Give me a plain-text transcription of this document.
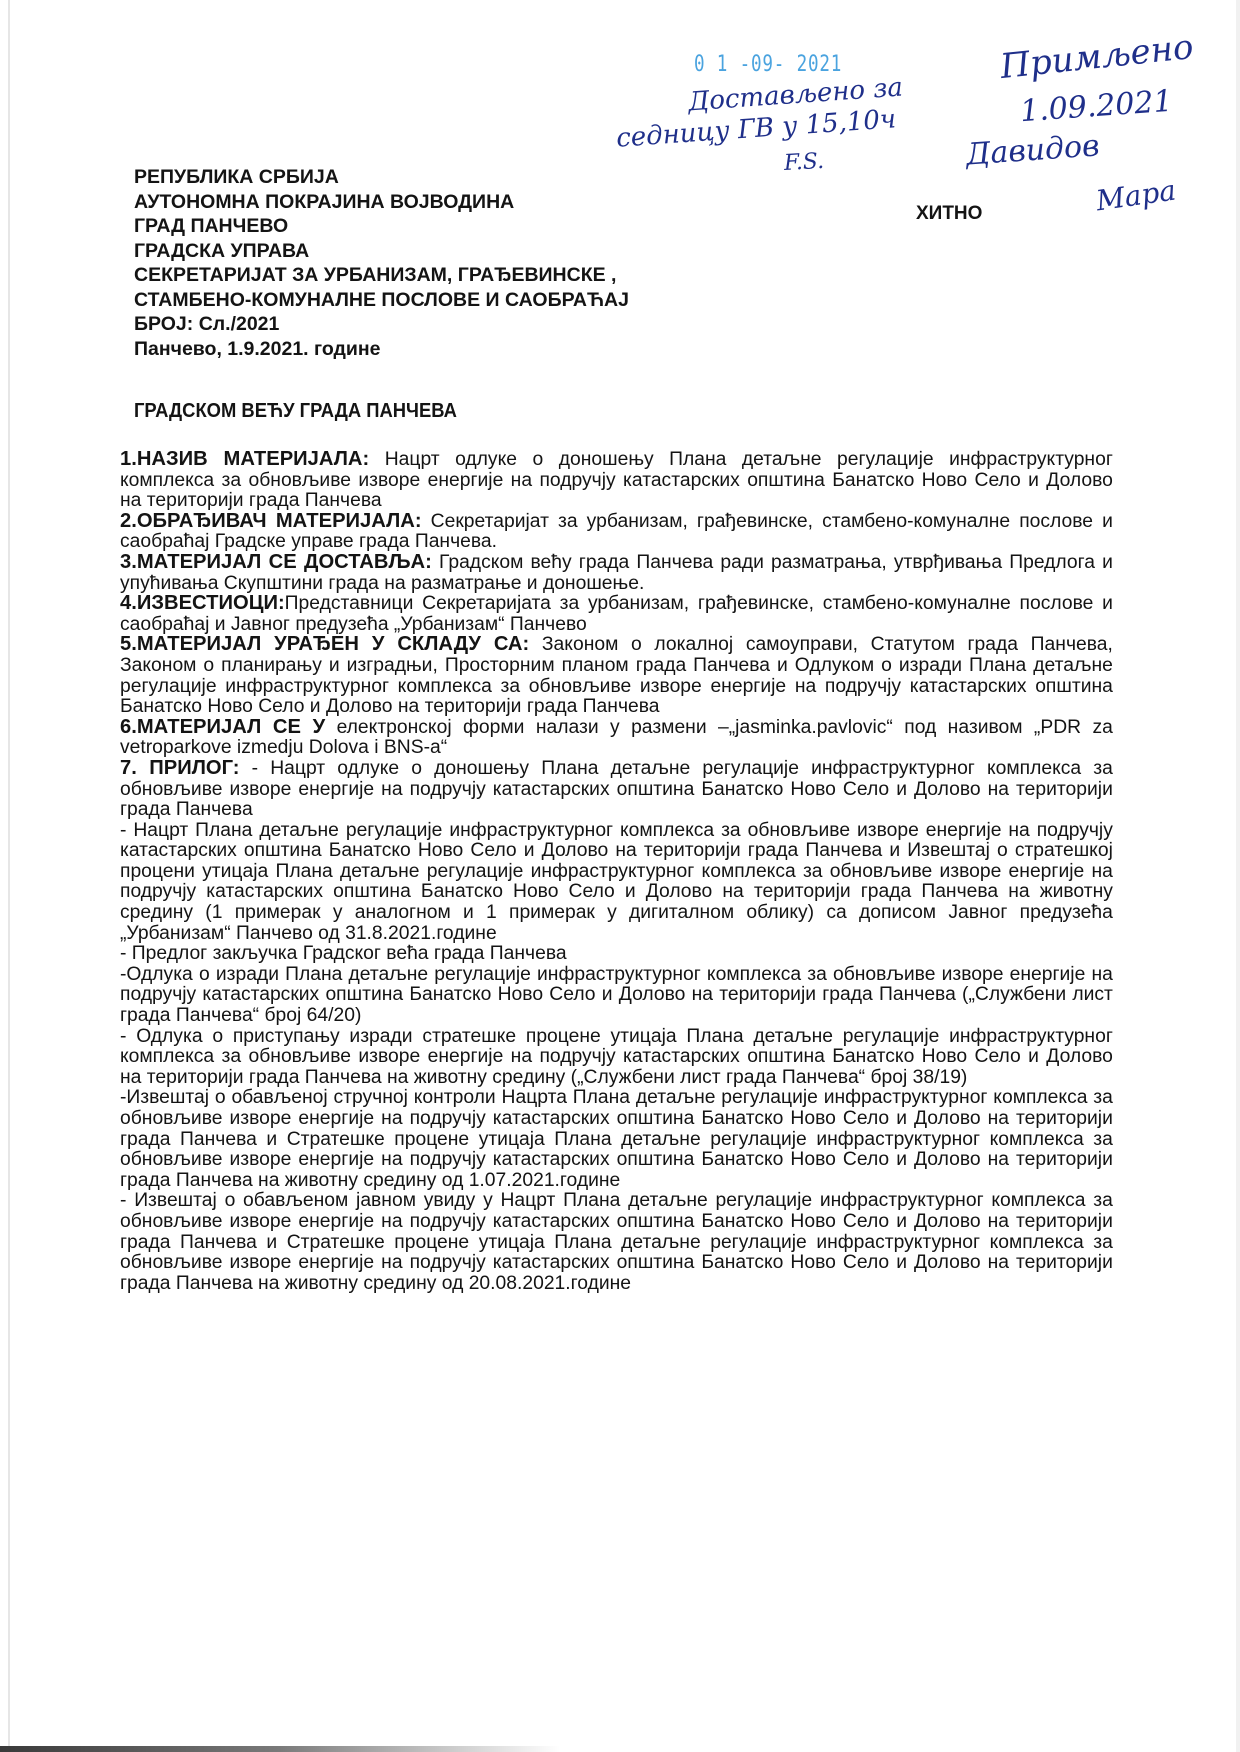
0 1 -09- 2021
Достављено за
седницу ГВ у 15,10ч
F.S.
Примљено
1.09.2021
Давидов
Мара
ХИТНО
РЕПУБЛИКА СРБИЈА
АУТОНОМНА ПОКРАЈИНА ВОЈВОДИНА
ГРАД ПАНЧЕВО
ГРАДСКА УПРАВА
СЕКРЕТАРИЈАТ ЗА УРБАНИЗАМ, ГРАЂЕВИНСКЕ ,
СТАМБЕНО-КОМУНАЛНЕ ПОСЛОВЕ И САОБРАЋАЈ
БРОЈ: Сл./2021
Панчево, 1.9.2021. године
ГРАДСКОМ ВЕЋУ ГРАДА ПАНЧЕВА

1.НАЗИВ МАТЕРИЈАЛА: Нацрт одлуке о доношењу Плана детаљне регулације инфраструктурног комплекса за обновљиве изворе енергије на подручју катастарских општина Банатско Ново Село и Долово на територији града Панчева

2.ОБРАЂИВАЧ МАТЕРИЈАЛА: Секретаријат за урбанизам, грађевинске, стамбено-комуналне послове и саобраћај Градске управе града Панчева.

3.МАТЕРИЈАЛ СЕ ДОСТАВЉА: Градском већу града Панчева ради разматрања, утврђивања Предлога и упућивања Скупштини града на разматрање и доношење.

4.ИЗВЕСТИОЦИ:Представници Секретаријата за урбанизам, грађевинске, стамбено-комуналне послове и саобраћај и Јавног предузећа „Урбанизам“ Панчево

5.МАТЕРИЈАЛ УРАЂЕН У СКЛАДУ СА: Законом о локалној самоуправи, Статутом града Панчева, Законом о планирању и изградњи, Просторним планом града Панчева и Одлуком о изради Плана детаљне регулације инфраструктурног комплекса за обновљиве изворе енергије на подручју катастарских општина Банатско Ново Село и Долово на територији града Панчева

6.МАТЕРИЈАЛ СЕ У електронској форми налази у размени –„jasminka.pavlovic“ под називом „PDR za vetroparkove izmedju Dolova i BNS-a“

7. ПРИЛОГ: - Нацрт одлуке о доношењу Плана детаљне регулације инфраструктурног комплекса за обновљиве изворе енергије на подручју катастарских општина Банатско Ново Село и Долово на територији града Панчева

- Нацрт Плана детаљне регулације инфраструктурног комплекса за обновљиве изворе енергије на подручју катастарских општина Банатско Ново Село и Долово на територији града Панчева и Извештај о стратешкој процени утицаја Плана детаљне регулације инфраструктурног комплекса за обновљиве изворе енергије на подручју катастарских општина Банатско Ново Село и Долово на територији града Панчева на животну средину (1 примерак у аналогном и 1 примерак у дигиталном облику) са дописом Јавног предузећа „Урбанизам“ Панчево од 31.8.2021.године

- Предлог закључка Градског већа града Панчева

-Одлука о изради Плана детаљне регулације инфраструктурног комплекса за обновљиве изворе енергије на подручју катастарских општина Банатско Ново Село и Долово на територији града Панчева („Службени лист града Панчева“ број 64/20)

- Одлука о приступању изради стратешке процене утицаја Плана детаљне регулације инфраструктурног комплекса за обновљиве изворе енергије на подручју катастарских општина Банатско Ново Село и Долово на територији града Панчева на животну средину („Службени лист града Панчева“ број 38/19)

-Извештај о обављеној стручној контроли Нацрта Плана детаљне регулације инфраструктурног комплекса за обновљиве изворе енергије на подручју катастарских општина Банатско Ново Село и Долово на територији града Панчева и Стратешке процене утицаја Плана детаљне регулације инфраструктурног комплекса за обновљиве изворе енергије на подручју катастарских општина Банатско Ново Село и Долово на територији града Панчева на животну средину од 1.07.2021.године

- Извештај о обављеном јавном увиду у Нацрт Плана детаљне регулације инфраструктурног комплекса за обновљиве изворе енергије на подручју катастарских општина Банатско Ново Село и Долово на територији града Панчева и Стратешке процене утицаја Плана детаљне регулације инфраструктурног комплекса за обновљиве изворе енергије на подручју катастарских општина Банатско Ново Село и Долово на територији града Панчева на животну средину од 20.08.2021.године
